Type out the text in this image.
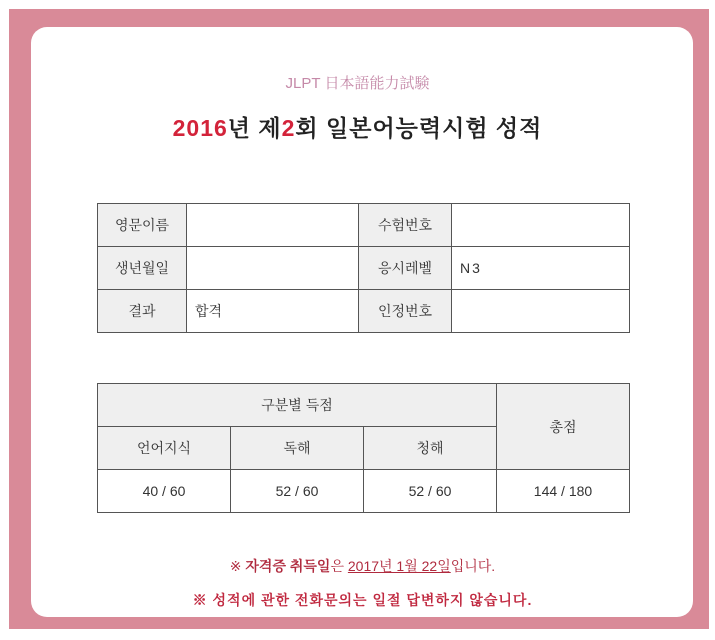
JLPT 日本語能力試験
2016년 제2회 일본어능력시험 성적
영문이름		수험번호	
생년월일		응시레벨	N3
결과	합격	인정번호	
구분별 득점			총점
언어지식	독해	청해	
40 / 60	52 / 60	52 / 60	144 / 180
※ 자격증 취득일은 2017년 1월 22일입니다.
※ 성적에 관한 전화문의는 일절 답변하지 않습니다.
